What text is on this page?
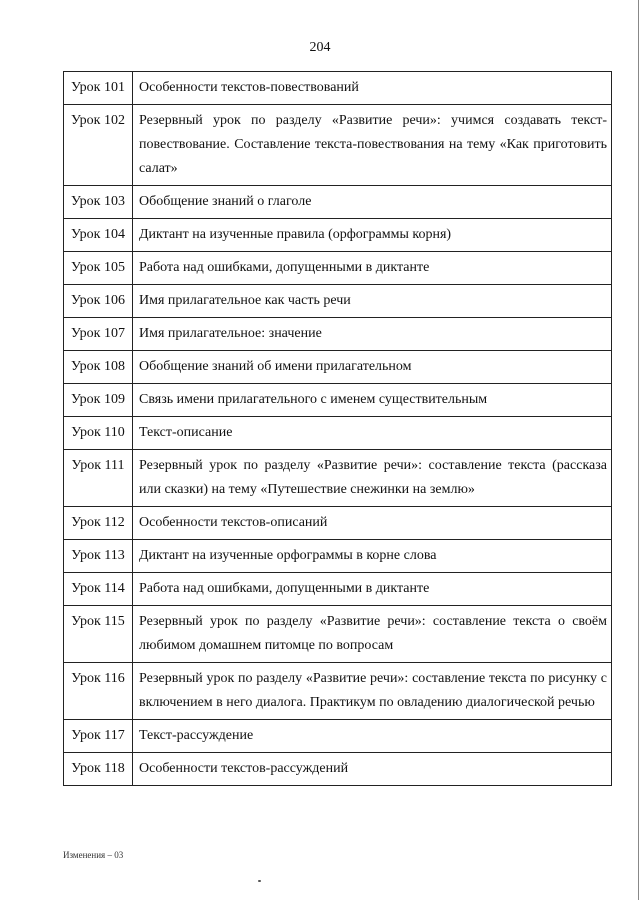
204
Урок 101	Особенности текстов-повествований
Урок 102	Резервный урок по разделу «Развитие речи»: учимся создавать текст-повествование. Составление текста-повествования на тему «Как приготовить салат»
Урок 103	Обобщение знаний о глаголе
Урок 104	Диктант на изученные правила (орфограммы корня)
Урок 105	Работа над ошибками, допущенными в диктанте
Урок 106	Имя прилагательное как часть речи
Урок 107	Имя прилагательное: значение
Урок 108	Обобщение знаний об имени прилагательном
Урок 109	Связь имени прилагательного с именем существительным
Урок 110	Текст-описание
Урок 111	Резервный урок по разделу «Развитие речи»: составление текста (рассказа или сказки) на тему «Путешествие снежинки на землю»
Урок 112	Особенности текстов-описаний
Урок 113	Диктант на изученные орфограммы в корне слова
Урок 114	Работа над ошибками, допущенными в диктанте
Урок 115	Резервный урок по разделу «Развитие речи»: составление текста о своём любимом домашнем питомце по вопросам
Урок 116	Резервный урок по разделу «Развитие речи»: составление текста по рисунку с включением в него диалога. Практикум по овладению диалогической речью
Урок 117	Текст-рассуждение
Урок 118	Особенности текстов-рассуждений
Изменения – 03
